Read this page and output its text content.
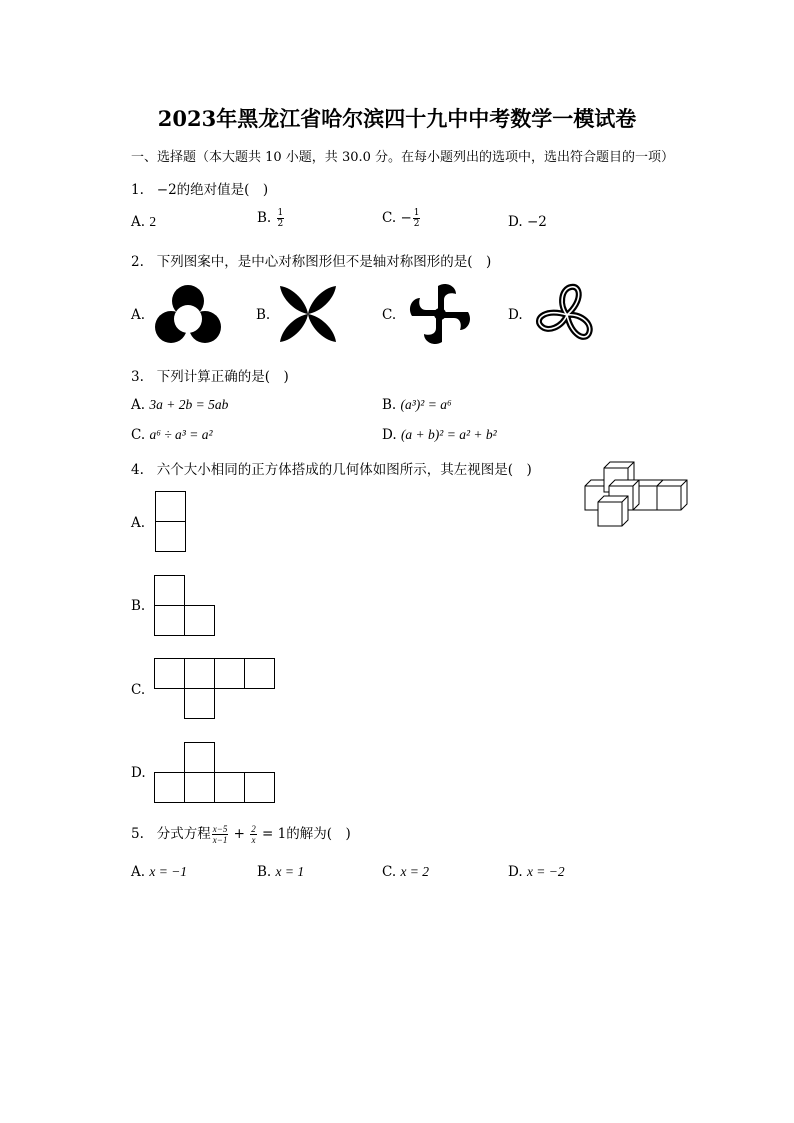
2023年黑龙江省哈尔滨四十九中中考数学一模试卷
一、选择题（本大题共 10 小题，共 30.0 分。在每小题列出的选项中，选出符合题目的一项）
1. −2的绝对值是(　)
A. 2	B. $\frac{1}{2}$	C. − $\frac{1}{2}$	D. −2
2. 下列图案中，是中心对称图形但不是轴对称图形的是(　)
A.	B.	C.	D.
3. 下列计算正确的是(　)
A. 3a + 2b = 5ab	B. (a³)² = a⁶
C. a⁶ ÷ a³ = a²	D. (a + b)² = a² + b²
4. 六个大小相同的正方体搭成的几何体如图所示，其左视图是(　)
A.
B.
C.
D.
5. 分式方程 $\frac{x-5}{x-1} + \frac{2}{x} = 1$的解为(　)
A. x = −1	B. x = 1	C. x = 2	D. x = −2
